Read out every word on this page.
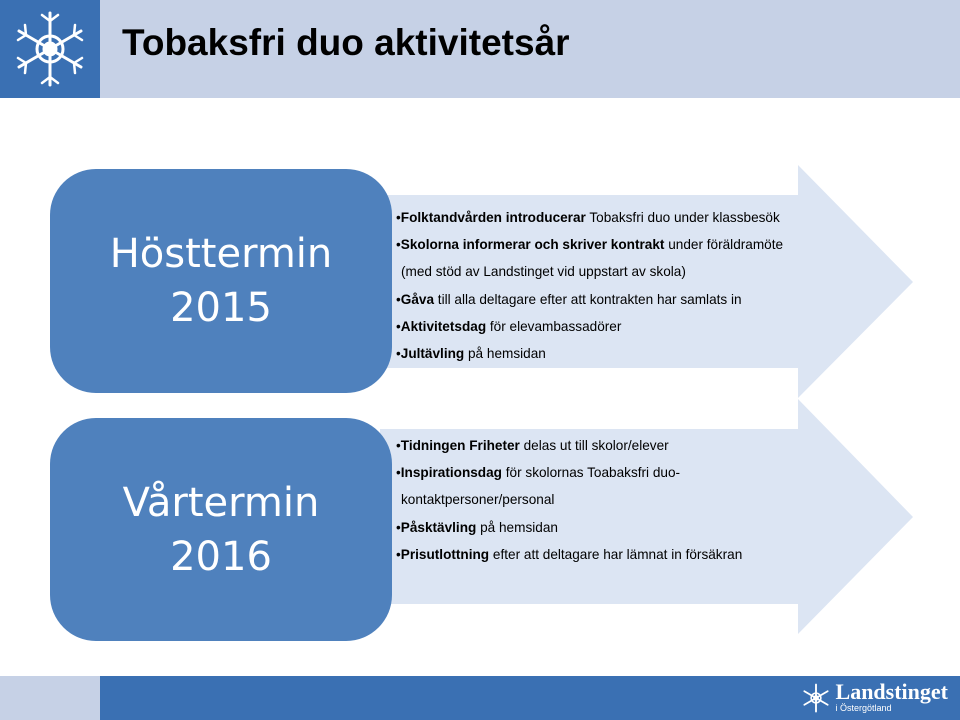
Tobaksfri duo aktivitetsår
Hösttermin
2015
•Folktandvården introducerar Tobaksfri duo under klassbesök
•Skolorna informerar och skriver kontrakt under föräldramöte
(med stöd av Landstinget vid uppstart av skola)
•Gåva till alla deltagare efter att kontrakten har samlats in
•Aktivitetsdag för elevambassadörer
•Jultävling på hemsidan
Vårtermin
2016
•Tidningen Friheter delas ut till skolor/elever
•Inspirationsdag för skolornas Toabaksfri duo-
kontaktpersoner/personal
•Påsktävling på hemsidan
•Prisutlottning efter att deltagare har lämnat in försäkran
Landstinget
i Östergötland
